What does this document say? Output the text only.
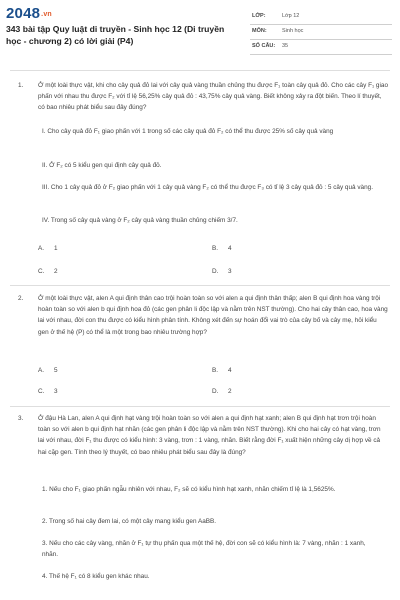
2048.vn
343 bài tập Quy luật di truyền - Sinh học 12 (Di truyền học - chương 2) có lời giải (P4)
LỚP:	Lớp 12
MÔN:	Sinh học
SỐ CÂU: 35
1. Ở một loài thực vật, khi cho cây quả đỏ lai với cây quả vàng thuần chủng thu được F₁ toàn cây quả đỏ. Cho các cây F₁ giao phấn với nhau thu được F₂ với tỉ lệ 56,25% cây quả đỏ : 43,75% cây quả vàng. Biết không xảy ra đột biến. Theo lí thuyết, có bao nhiêu phát biểu sau đây đúng?
I. Cho cây quả đỏ F₁ giao phấn với 1 trong số các cây quả đỏ F₂ có thể thu được 25% số cây quả vàng
II. Ở F₂ có 5 kiểu gen qui định cây quả đỏ.
III. Cho 1 cây quả đỏ ở F₂ giao phấn với 1 cây quả vàng F₂ có thể thu được F₃ có tỉ lệ 3 cây quả đỏ : 5 cây quả vàng.
IV. Trong số cây quả vàng ở F₂ cây quả vàng thuần chủng chiếm 3/7.
A. 1	B. 4
C. 2	D. 3
2. Ở một loài thực vật, alen A qui định thân cao trội hoàn toàn so với alen a qui định thân thấp; alen B qui định hoa vàng trội hoàn toàn so với alen b qui định hoa đỏ (các gen phân li độc lập và nằm trên NST thường). Cho hai cây thân cao, hoa vàng lai với nhau, đời con thu được có kiểu hình phân tính. Không xét đến sự hoán đổi vai trò của cây bố và cây mẹ, hỏi kiểu gen ở thế hệ (P) có thể là một trong bao nhiêu trường hợp?
A. 5	B. 4
C. 3	D. 2
3. Ở đậu Hà Lan, alen A qui định hạt vàng trội hoàn toàn so với alen a qui định hạt xanh; alen B qui định hạt trơn trội hoàn toàn so với alen b qui định hạt nhăn (các gen phân li độc lập và nằm trên NST thường). Khi cho hai cây có hạt vàng, trơn lai với nhau, đời F₁ thu được có kiểu hình: 3 vàng, trơn : 1 vàng, nhăn. Biết rằng đời F₁ xuất hiện những cây dị hợp về cả hai cặp gen. Tính theo lý thuyết, có bao nhiêu phát biểu sau đây là đúng?
1. Nếu cho F₁ giao phấn ngẫu nhiên với nhau, F₂ sẽ có kiểu hình hạt xanh, nhăn chiếm tỉ lệ là 1,5625%.
2. Trong số hai cây đem lai, có một cây mang kiểu gen AaBB.
3. Nếu cho các cây vàng, nhăn ở F₁ tự thụ phấn qua một thế hệ, đời con sẽ có kiểu hình là: 7 vàng, nhăn : 1 xanh, nhăn.
4. Thế hệ F₁ có 8 kiểu gen khác nhau.
